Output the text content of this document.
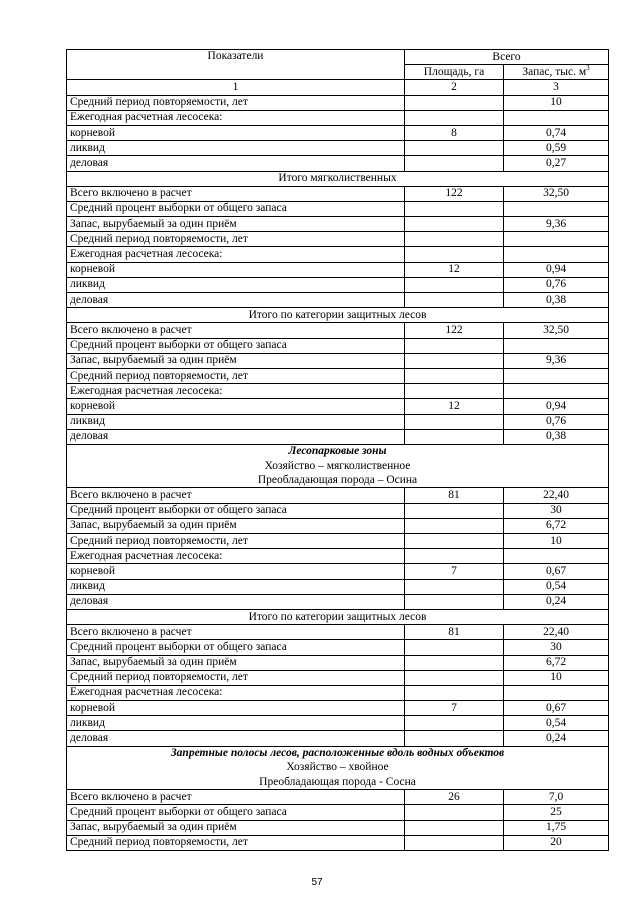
Показатели	Всего	
	Площадь, га	Запас, тыс. $м^3$
1	2	3
Средний период повторяемости, лет		10
Ежегодная расчетная лесосека:		
корневой	8	0,74
ликвид		0,59
деловая		0,27
Итого мягколиственных		
Всего включено в расчет	122	32,50
Средний процент выборки от общего запаса		
Запас, вырубаемый за один приём		9,36
Средний период повторяемости, лет		
Ежегодная расчетная лесосека:		
корневой	12	0,94
ликвид		0,76
деловая		0,38
Итого по категории защитных лесов		
Всего включено в расчет	122	32,50
Средний процент выборки от общего запаса		
Запас, вырубаемый за один приём		9,36
Средний период повторяемости, лет		
Ежегодная расчетная лесосека:		
корневой	12	0,94
ликвид		0,76
деловая		0,38
Лесопарковые зоны		
Хозяйство – мягколиственное		
Преобладающая порода – Осина		
Всего включено в расчет	81	22,40
Средний процент выборки от общего запаса		30
Запас, вырубаемый за один приём		6,72
Средний период повторяемости, лет		10
Ежегодная расчетная лесосека:		
корневой	7	0,67
ликвид		0,54
деловая		0,24
Итого по категории защитных лесов		
Всего включено в расчет	81	22,40
Средний процент выборки от общего запаса		30
Запас, вырубаемый за один приём		6,72
Средний период повторяемости, лет		10
Ежегодная расчетная лесосека:		
корневой	7	0,67
ликвид		0,54
деловая		0,24
Запретные полосы лесов, расположенные вдоль водных объектов		
Хозяйство – хвойное		
Преобладающая порода - Сосна		
Всего включено в расчет	26	7,0
Средний процент выборки от общего запаса		25
Запас, вырубаемый за один приём		1,75
Средний период повторяемости, лет		20
57
